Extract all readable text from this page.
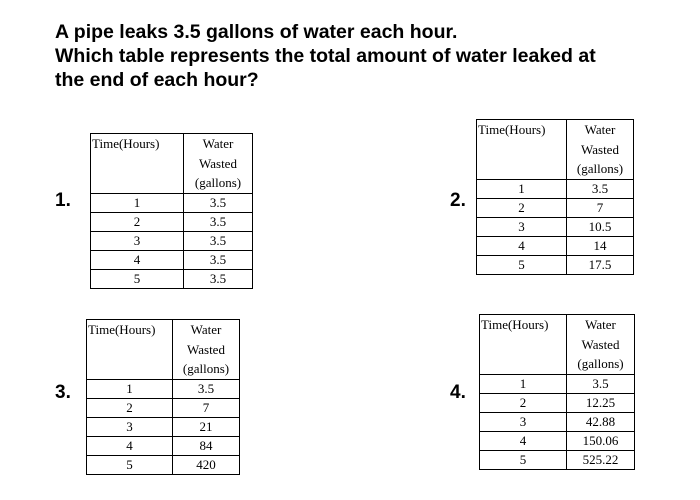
A pipe leaks 3.5 gallons of water each hour.
Which table represents the total amount of water leaked at
the end of each hour?
1.
Time(Hours)	Water
Wasted
(gallons)

1	3.5
2	3.5
3	3.5
4	3.5
5	3.5
2.
Time(Hours)	Water
Wasted
(gallons)

1	3.5
2	7
3	10.5
4	14
5	17.5
3.
Time(Hours)	Water
Wasted
(gallons)

1	3.5
2	7
3	21
4	84
5	420
4.
Time(Hours)	Water
Wasted
(gallons)

1	3.5
2	12.25
3	42.88
4	150.06
5	525.22
